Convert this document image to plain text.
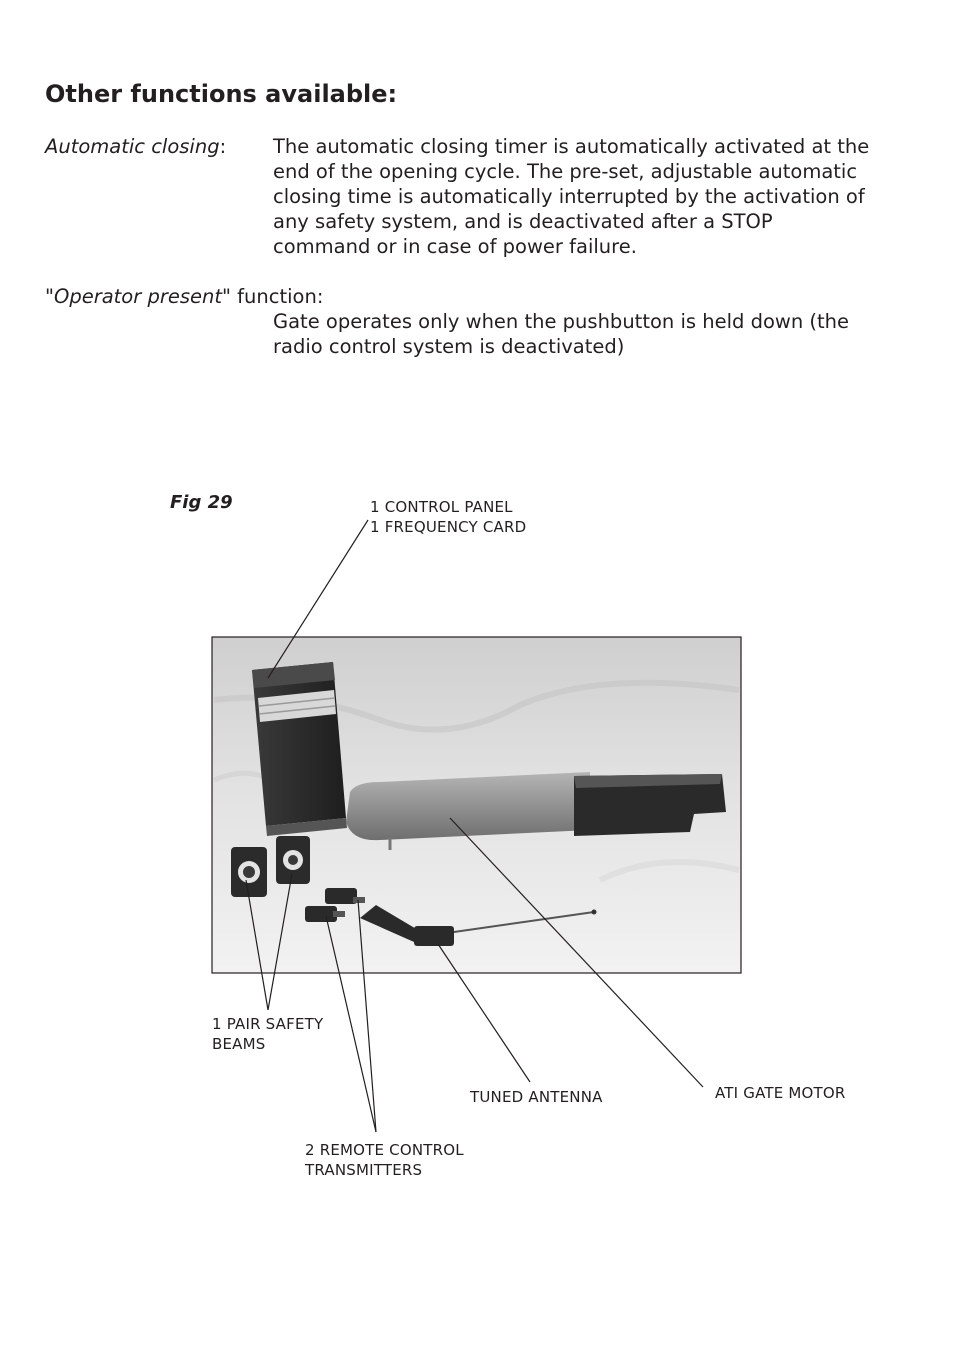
Other functions available:
Automatic closing: The automatic closing timer is automatically activated at the
end of the opening cycle. The pre-set, adjustable automatic
closing time is automatically interrupted by the activation of
any safety system, and is deactivated after a STOP
command or in case of power failure.
"Operator present" function:
Gate operates only when the pushbutton is held down (the
radio control system is deactivated)
Fig 29	1 CONTROL PANEL
1 FREQUENCY CARD
1 PAIR SAFETY
BEAMS
TUNED ANTENNA	ATI GATE MOTOR
2 REMOTE CONTROL
TRANSMITTERS
